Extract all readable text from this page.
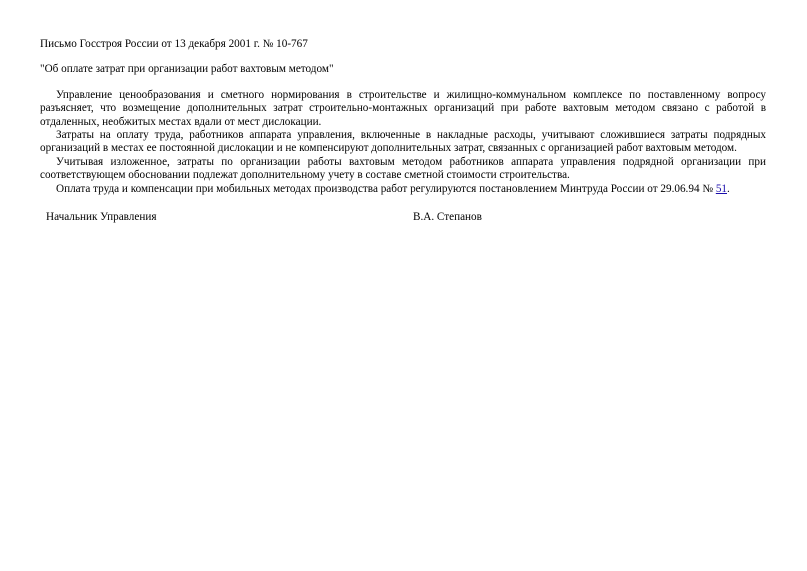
Письмо Госстроя России от 13 декабря 2001 г. № 10-767

"Об оплате затрат при организации работ вахтовым методом"

Управление ценообразования и сметного нормирования в строительстве и жилищно-коммунальном комплексе по поставленному вопросу разъясняет, что возмещение дополнительных затрат строительно-монтажных организаций при работе вахтовым методом связано с работой в отдаленных, необжитых местах вдали от мест дислокации.

Затраты на оплату труда, работников аппарата управления, включенные в накладные расходы, учитывают сложившиеся затраты подрядных организаций в местах ее постоянной дислокации и не компенсируют дополнительных затрат, связанных с организацией работ вахтовым методом.

Учитывая изложенное, затраты по организации работы вахтовым методом работников аппарата управления подрядной организации при соответствующем обосновании подлежат дополнительному учету в составе сметной стоимости строительства.

Оплата труда и компенсации при мобильных методах производства работ регулируются постановлением Минтруда России от 29.06.94 № 51.

Начальник Управления	В.А. Степанов
